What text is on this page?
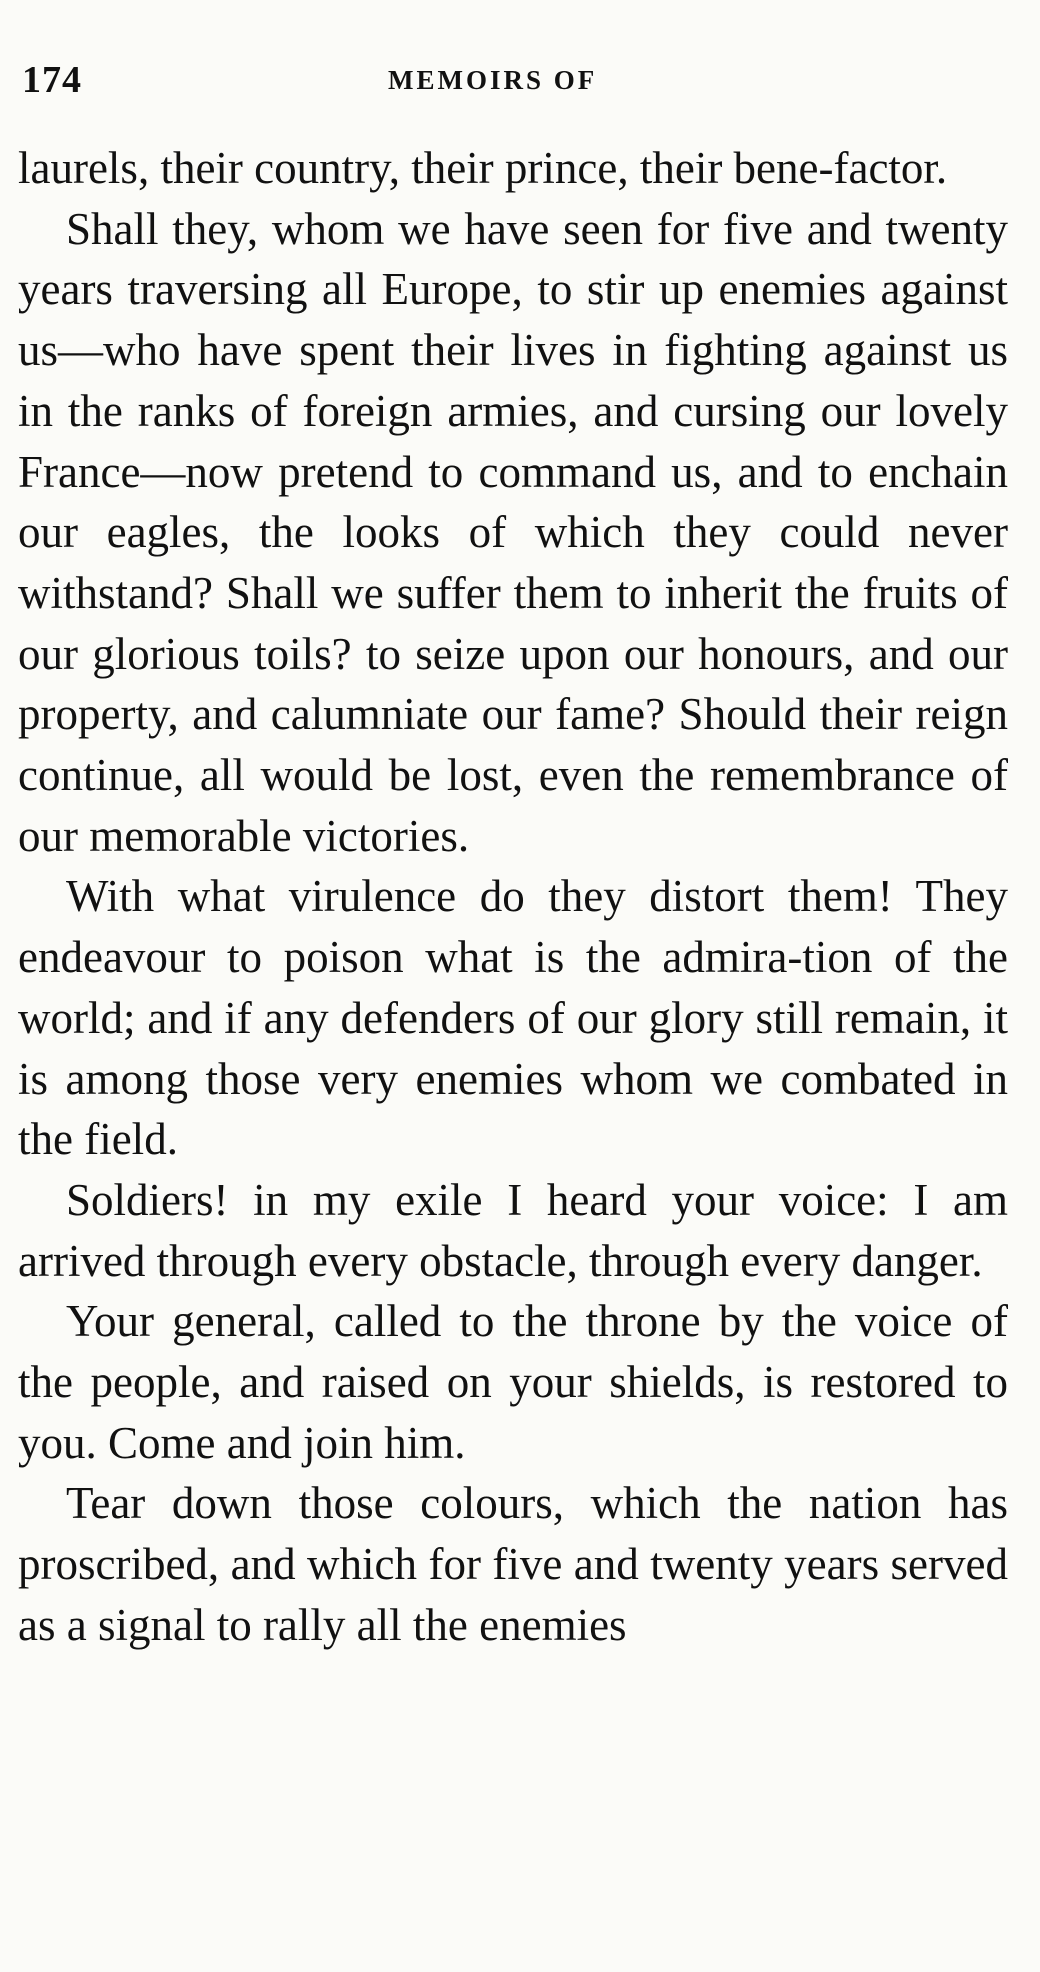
174	MEMOIRS OF

laurels, their country, their prince, their bene-factor.

Shall they, whom we have seen for five and twenty years traversing all Europe, to stir up enemies against us—who have spent their lives in fighting against us in the ranks of foreign armies, and cursing our lovely France—now pretend to command us, and to enchain our eagles, the looks of which they could never withstand? Shall we suffer them to inherit the fruits of our glorious toils? to seize upon our honours, and our property, and calumniate our fame? Should their reign continue, all would be lost, even the remembrance of our memorable victories.

With what virulence do they distort them! They endeavour to poison what is the admira-tion of the world; and if any defenders of our glory still remain, it is among those very enemies whom we combated in the field.

Soldiers! in my exile I heard your voice: I am arrived through every obstacle, through every danger.

Your general, called to the throne by the voice of the people, and raised on your shields, is restored to you. Come and join him.

Tear down those colours, which the nation has proscribed, and which for five and twenty years served as a signal to rally all the enemies
